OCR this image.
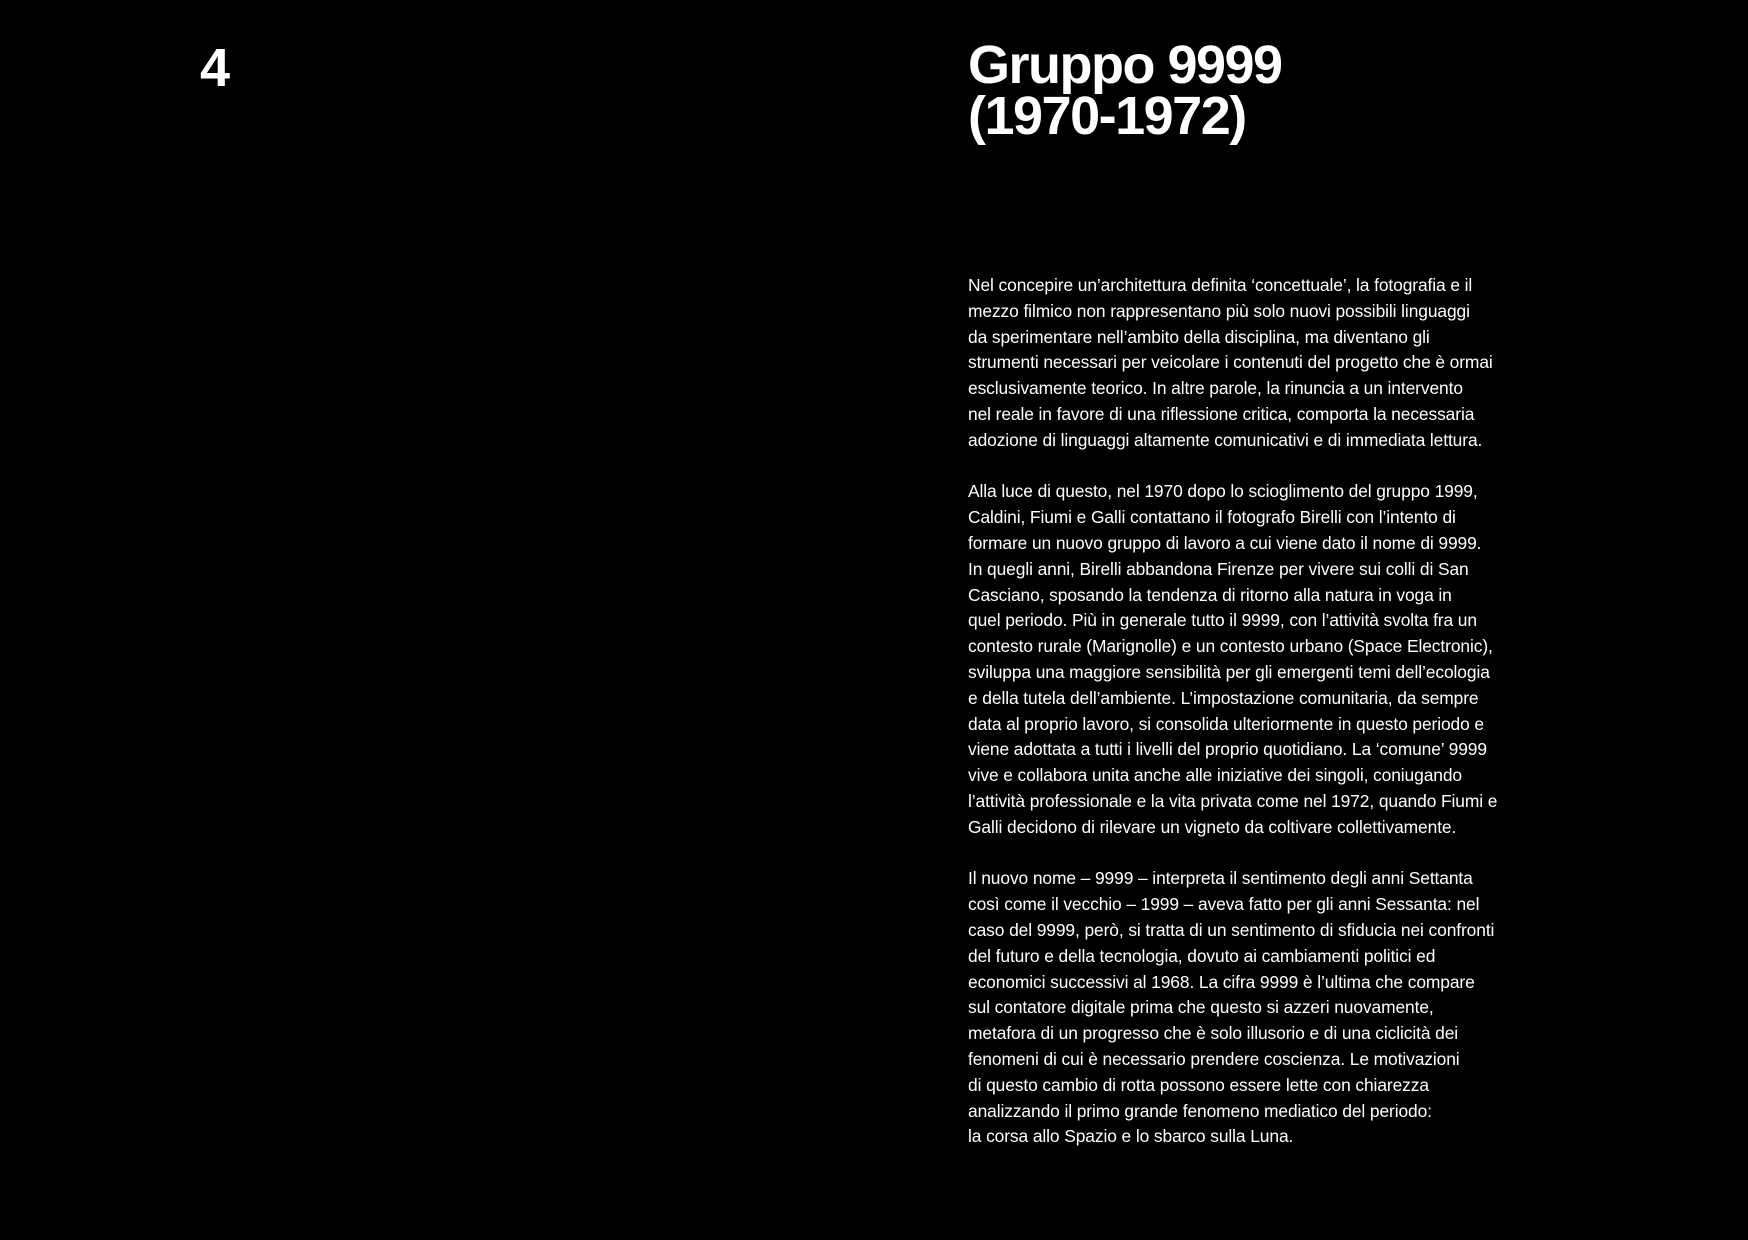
4	Gruppo 9999
(1970-1972)

Nel concepire un’architettura definita ‘concettuale’, la fotografia e il
mezzo filmico non rappresentano più solo nuovi possibili linguaggi
da sperimentare nell’ambito della disciplina, ma diventano gli
strumenti necessari per veicolare i contenuti del progetto che è ormai
esclusivamente teorico. In altre parole, la rinuncia a un intervento
nel reale in favore di una riflessione critica, comporta la necessaria
adozione di linguaggi altamente comunicativi e di immediata lettura.

Alla luce di questo, nel 1970 dopo lo scioglimento del gruppo 1999,
Caldini, Fiumi e Galli contattano il fotografo Birelli con l’intento di
formare un nuovo gruppo di lavoro a cui viene dato il nome di 9999.
In quegli anni, Birelli abbandona Firenze per vivere sui colli di San
Casciano, sposando la tendenza di ritorno alla natura in voga in
quel periodo. Più in generale tutto il 9999, con l’attività svolta fra un
contesto rurale (Marignolle) e un contesto urbano (Space Electronic),
sviluppa una maggiore sensibilità per gli emergenti temi dell’ecologia
e della tutela dell’ambiente. L’impostazione comunitaria, da sempre
data al proprio lavoro, si consolida ulteriormente in questo periodo e
viene adottata a tutti i livelli del proprio quotidiano. La ‘comune’ 9999
vive e collabora unita anche alle iniziative dei singoli, coniugando
l’attività professionale e la vita privata come nel 1972, quando Fiumi e
Galli decidono di rilevare un vigneto da coltivare collettivamente.

Il nuovo nome – 9999 – interpreta il sentimento degli anni Settanta
così come il vecchio – 1999 – aveva fatto per gli anni Sessanta: nel
caso del 9999, però, si tratta di un sentimento di sfiducia nei confronti
del futuro e della tecnologia, dovuto ai cambiamenti politici ed
economici successivi al 1968. La cifra 9999 è l’ultima che compare
sul contatore digitale prima che questo si azzeri nuovamente,
metafora di un progresso che è solo illusorio e di una ciclicità dei
fenomeni di cui è necessario prendere coscienza. Le motivazioni
di questo cambio di rotta possono essere lette con chiarezza
analizzando il primo grande fenomeno mediatico del periodo:
la corsa allo Spazio e lo sbarco sulla Luna.
